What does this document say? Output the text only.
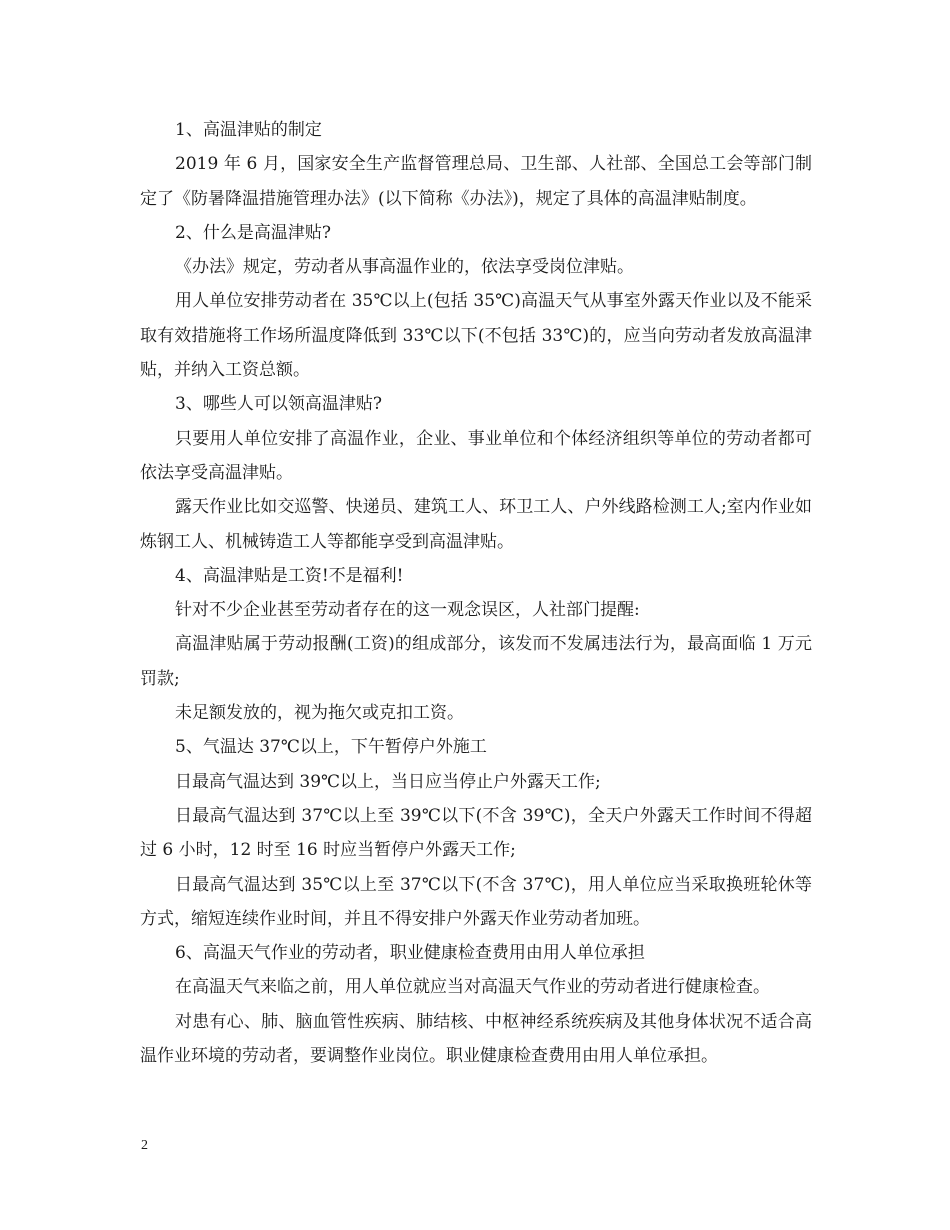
1、高温津贴的制定

2019 年 6 月，国家安全生产监督管理总局、卫生部、人社部、全国总工会等部门制定了《防暑降温措施管理办法》(以下简称《办法》)，规定了具体的高温津贴制度。

2、什么是高温津贴?

《办法》规定，劳动者从事高温作业的，依法享受岗位津贴。

用人单位安排劳动者在 35℃以上(包括 35℃)高温天气从事室外露天作业以及不能采取有效措施将工作场所温度降低到 33℃以下(不包括 33℃)的，应当向劳动者发放高温津贴，并纳入工资总额。

3、哪些人可以领高温津贴?

只要用人单位安排了高温作业，企业、事业单位和个体经济组织等单位的劳动者都可依法享受高温津贴。

露天作业比如交巡警、快递员、建筑工人、环卫工人、户外线路检测工人;室内作业如炼钢工人、机械铸造工人等都能享受到高温津贴。

4、高温津贴是工资!不是福利!

针对不少企业甚至劳动者存在的这一观念误区，人社部门提醒:

高温津贴属于劳动报酬(工资)的组成部分，该发而不发属违法行为，最高面临 1 万元罚款;

未足额发放的，视为拖欠或克扣工资。

5、气温达 37℃以上，下午暂停户外施工

日最高气温达到 39℃以上，当日应当停止户外露天工作;

日最高气温达到 37℃以上至 39℃以下(不含 39℃)，全天户外露天工作时间不得超过 6 小时，12 时至 16 时应当暂停户外露天工作;

日最高气温达到 35℃以上至 37℃以下(不含 37℃)，用人单位应当采取换班轮休等方式，缩短连续作业时间，并且不得安排户外露天作业劳动者加班。

6、高温天气作业的劳动者，职业健康检查费用由用人单位承担

在高温天气来临之前，用人单位就应当对高温天气作业的劳动者进行健康检查。

对患有心、肺、脑血管性疾病、肺结核、中枢神经系统疾病及其他身体状况不适合高温作业环境的劳动者，要调整作业岗位。职业健康检查费用由用人单位承担。

2
